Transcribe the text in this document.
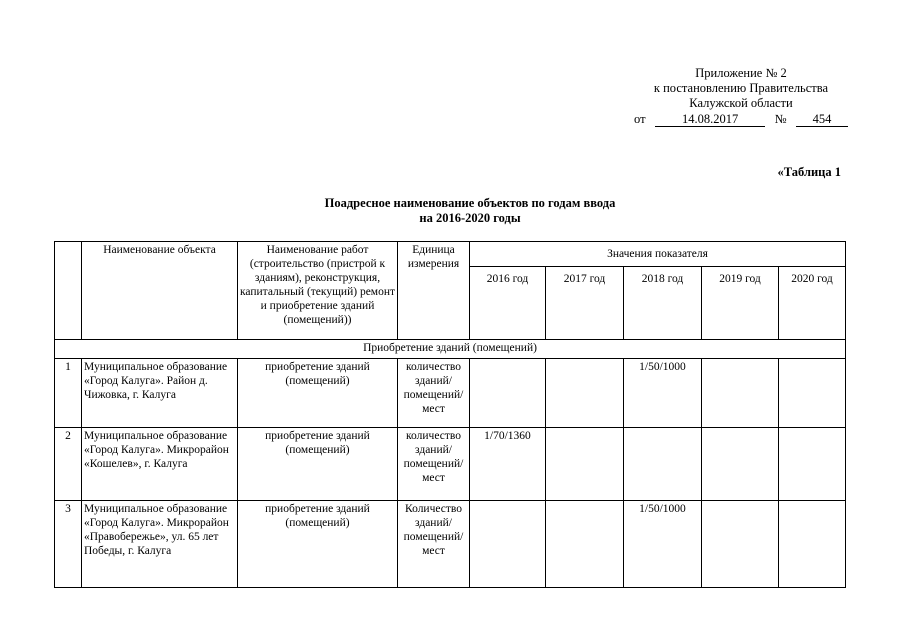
Приложение № 2
к постановлению Правительства
Калужской области
от	14.08.2017	№	454
«Таблица 1
Поадресное наименование объектов по годам ввода
на 2016-2020 годы
	Наименование объекта	Наименование работ (строительство (пристрой к зданиям), реконструкция, капитальный (текущий) ремонт и приобретение зданий (помещений))	Единица измерения	Значения показателя				
				2016 год	2017 год	2018 год	2019 год	2020 год
Приобретение зданий (помещений)								
1	Муниципальное образование «Город Калуга». Район д. Чижовка, г. Калуга	приобретение зданий (помещений)	количество зданий/ помещений/ мест			1/50/1000		
2	Муниципальное образование «Город Калуга». Микрорайон «Кошелев», г. Калуга	приобретение зданий (помещений)	количество зданий/ помещений/ мест	1/70/1360				
3	Муниципальное образование «Город Калуга». Микрорайон «Правобережье», ул. 65 лет Победы, г. Калуга	приобретение зданий (помещений)	Количество зданий/ помещений/ мест			1/50/1000		
